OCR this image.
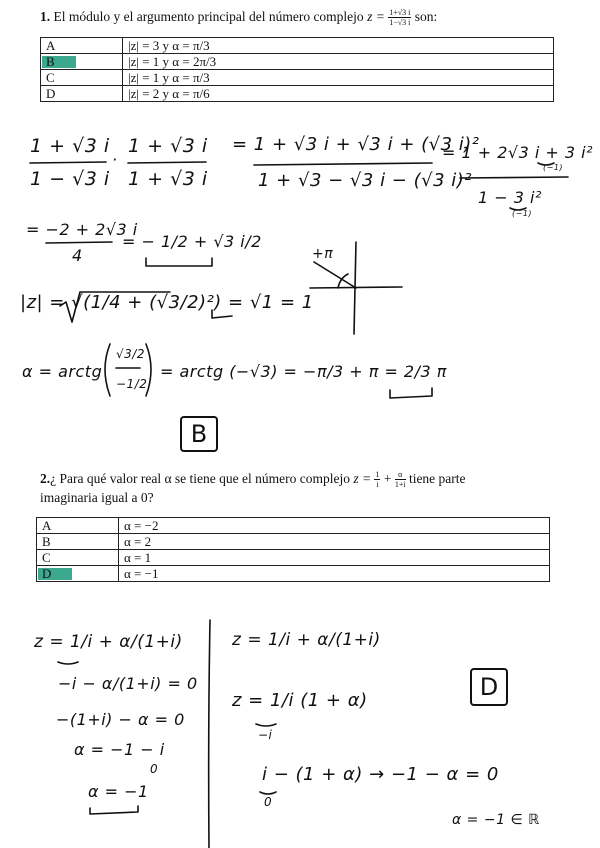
1. El módulo y el argumento principal del número complejo $z = \frac{1+√3 i}{1-√3 i}$ son:
A	|z| = 3 y α = π/3

B	|z| = 1 y α = 2π/3
C	|z| = 1 y α = π/3
D	|z| = 2 y α = π/6
1 + √3 i
1 − √3 i
·
1 + √3 i
1 + √3 i
= 1 + √3 i + √3 i + (√3 i)²
1 + √3 − √3 i − (√3 i)²
= 1 + 2√3 i + 3 i²
1 − 3 i²
(−1)
(−1)
= −2 + 2√3 i
4
= − 1/2 + √3 i/2
|z| = √(1/4 + (√3/2)²) = √1 = 1
α = arctg
√3/2
−1/2
= arctg (−√3) = −π/3 + π = 2/3 π
+π
B
2.¿ Para qué valor real α se tiene que el número complejo $z = \frac{1}{i} + \frac{\alpha}{1+i}$ tiene parte
imaginaria igual a 0?
A	α = −2
B	α = 2
C	α = 1

D	α = −1
z = 1/i + α/(1+i)
−i − α/(1+i) = 0
−(1+i) − α = 0
α = −1 − i
0
α = −1
z = 1/i + α/(1+i)
z = 1/i (1 + α)
−i
i − (1 + α) → −1 − α = 0
0
α = −1 ∈ ℝ
D
